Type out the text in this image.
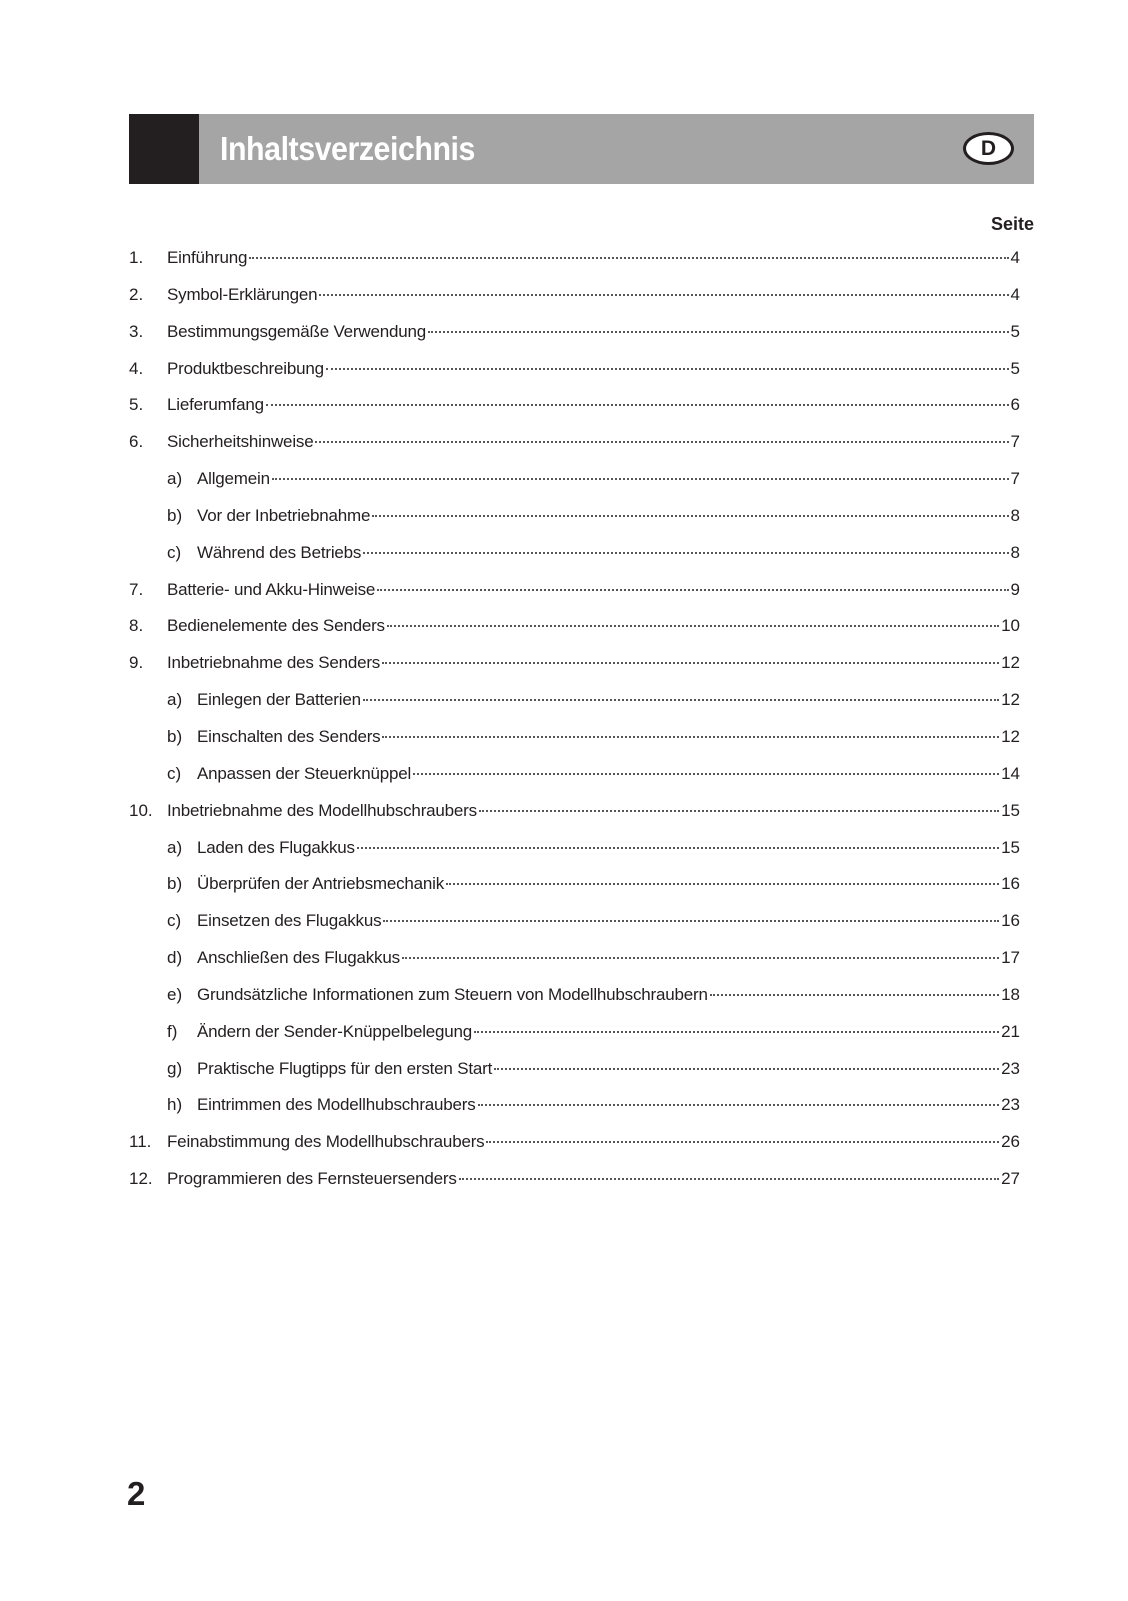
Inhaltsverzeichnis	D
Seite
1.	Einführung	4
2.	Symbol-Erklärungen	4
3.	Bestimmungsgemäße Verwendung	5
4.	Produktbeschreibung	5
5.	Lieferumfang	6
6.	Sicherheitshinweise	7
a) Allgemein	7
b) Vor der Inbetriebnahme	8
c) Während des Betriebs	8
7.	Batterie- und Akku-Hinweise	9
8.	Bedienelemente des Senders	10
9.	Inbetriebnahme des Senders	12
a) Einlegen der Batterien	12
b) Einschalten des Senders	12
c) Anpassen der Steuerknüppel	14
10. Inbetriebnahme des Modellhubschraubers	15
a) Laden des Flugakkus	15
b) Überprüfen der Antriebsmechanik	16
c) Einsetzen des Flugakkus	16
d) Anschließen des Flugakkus	17
e) Grundsätzliche Informationen zum Steuern von Modellhubschraubern	18
f)	Ändern der Sender-Knüppelbelegung	21
g) Praktische Flugtipps für den ersten Start	23
h) Eintrimmen des Modellhubschraubers	23
11. Feinabstimmung des Modellhubschraubers	26
12. Programmieren des Fernsteuersenders	27
2
